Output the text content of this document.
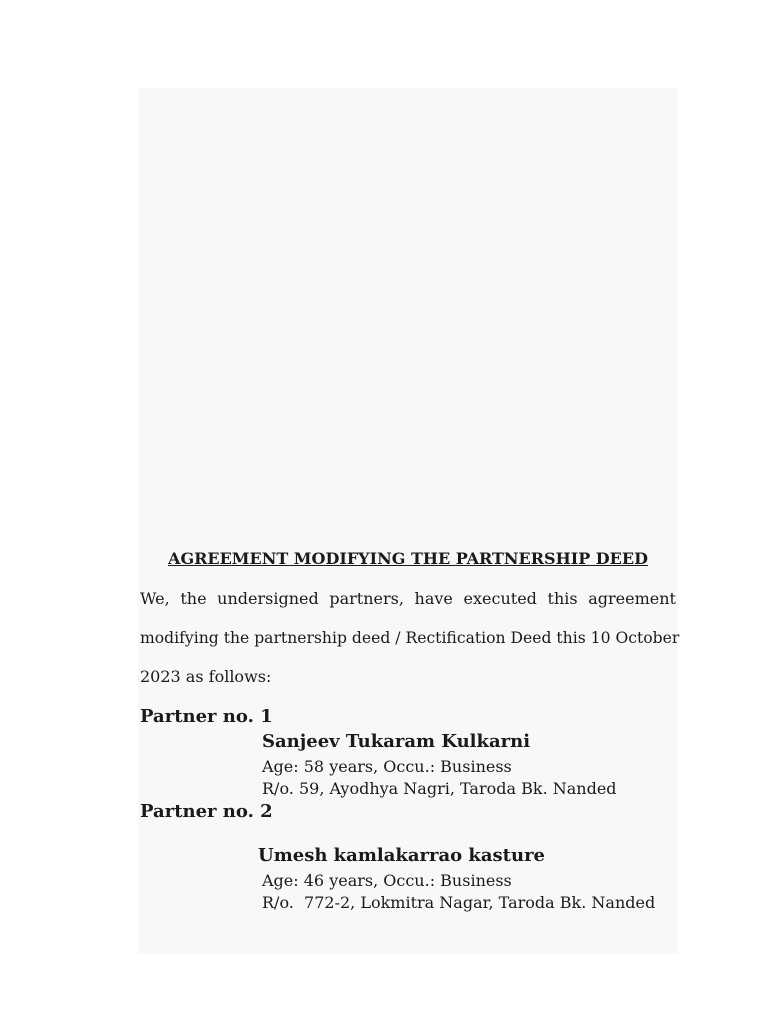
AGREEMENT MODIFYING THE PARTNERSHIP DEED
We, the undersigned partners, have executed this agreement
modifying the partnership deed / Rectification Deed this 10 October
2023 as follows:
Partner no. 1
Sanjeev Tukaram Kulkarni
Age: 58 years, Occu.: Business
R/o. 59, Ayodhya Nagri, Taroda Bk. Nanded
Partner no. 2
Umesh kamlakarrao kasture
Age: 46 years, Occu.: Business
R/o.  772-2, Lokmitra Nagar, Taroda Bk. Nanded
